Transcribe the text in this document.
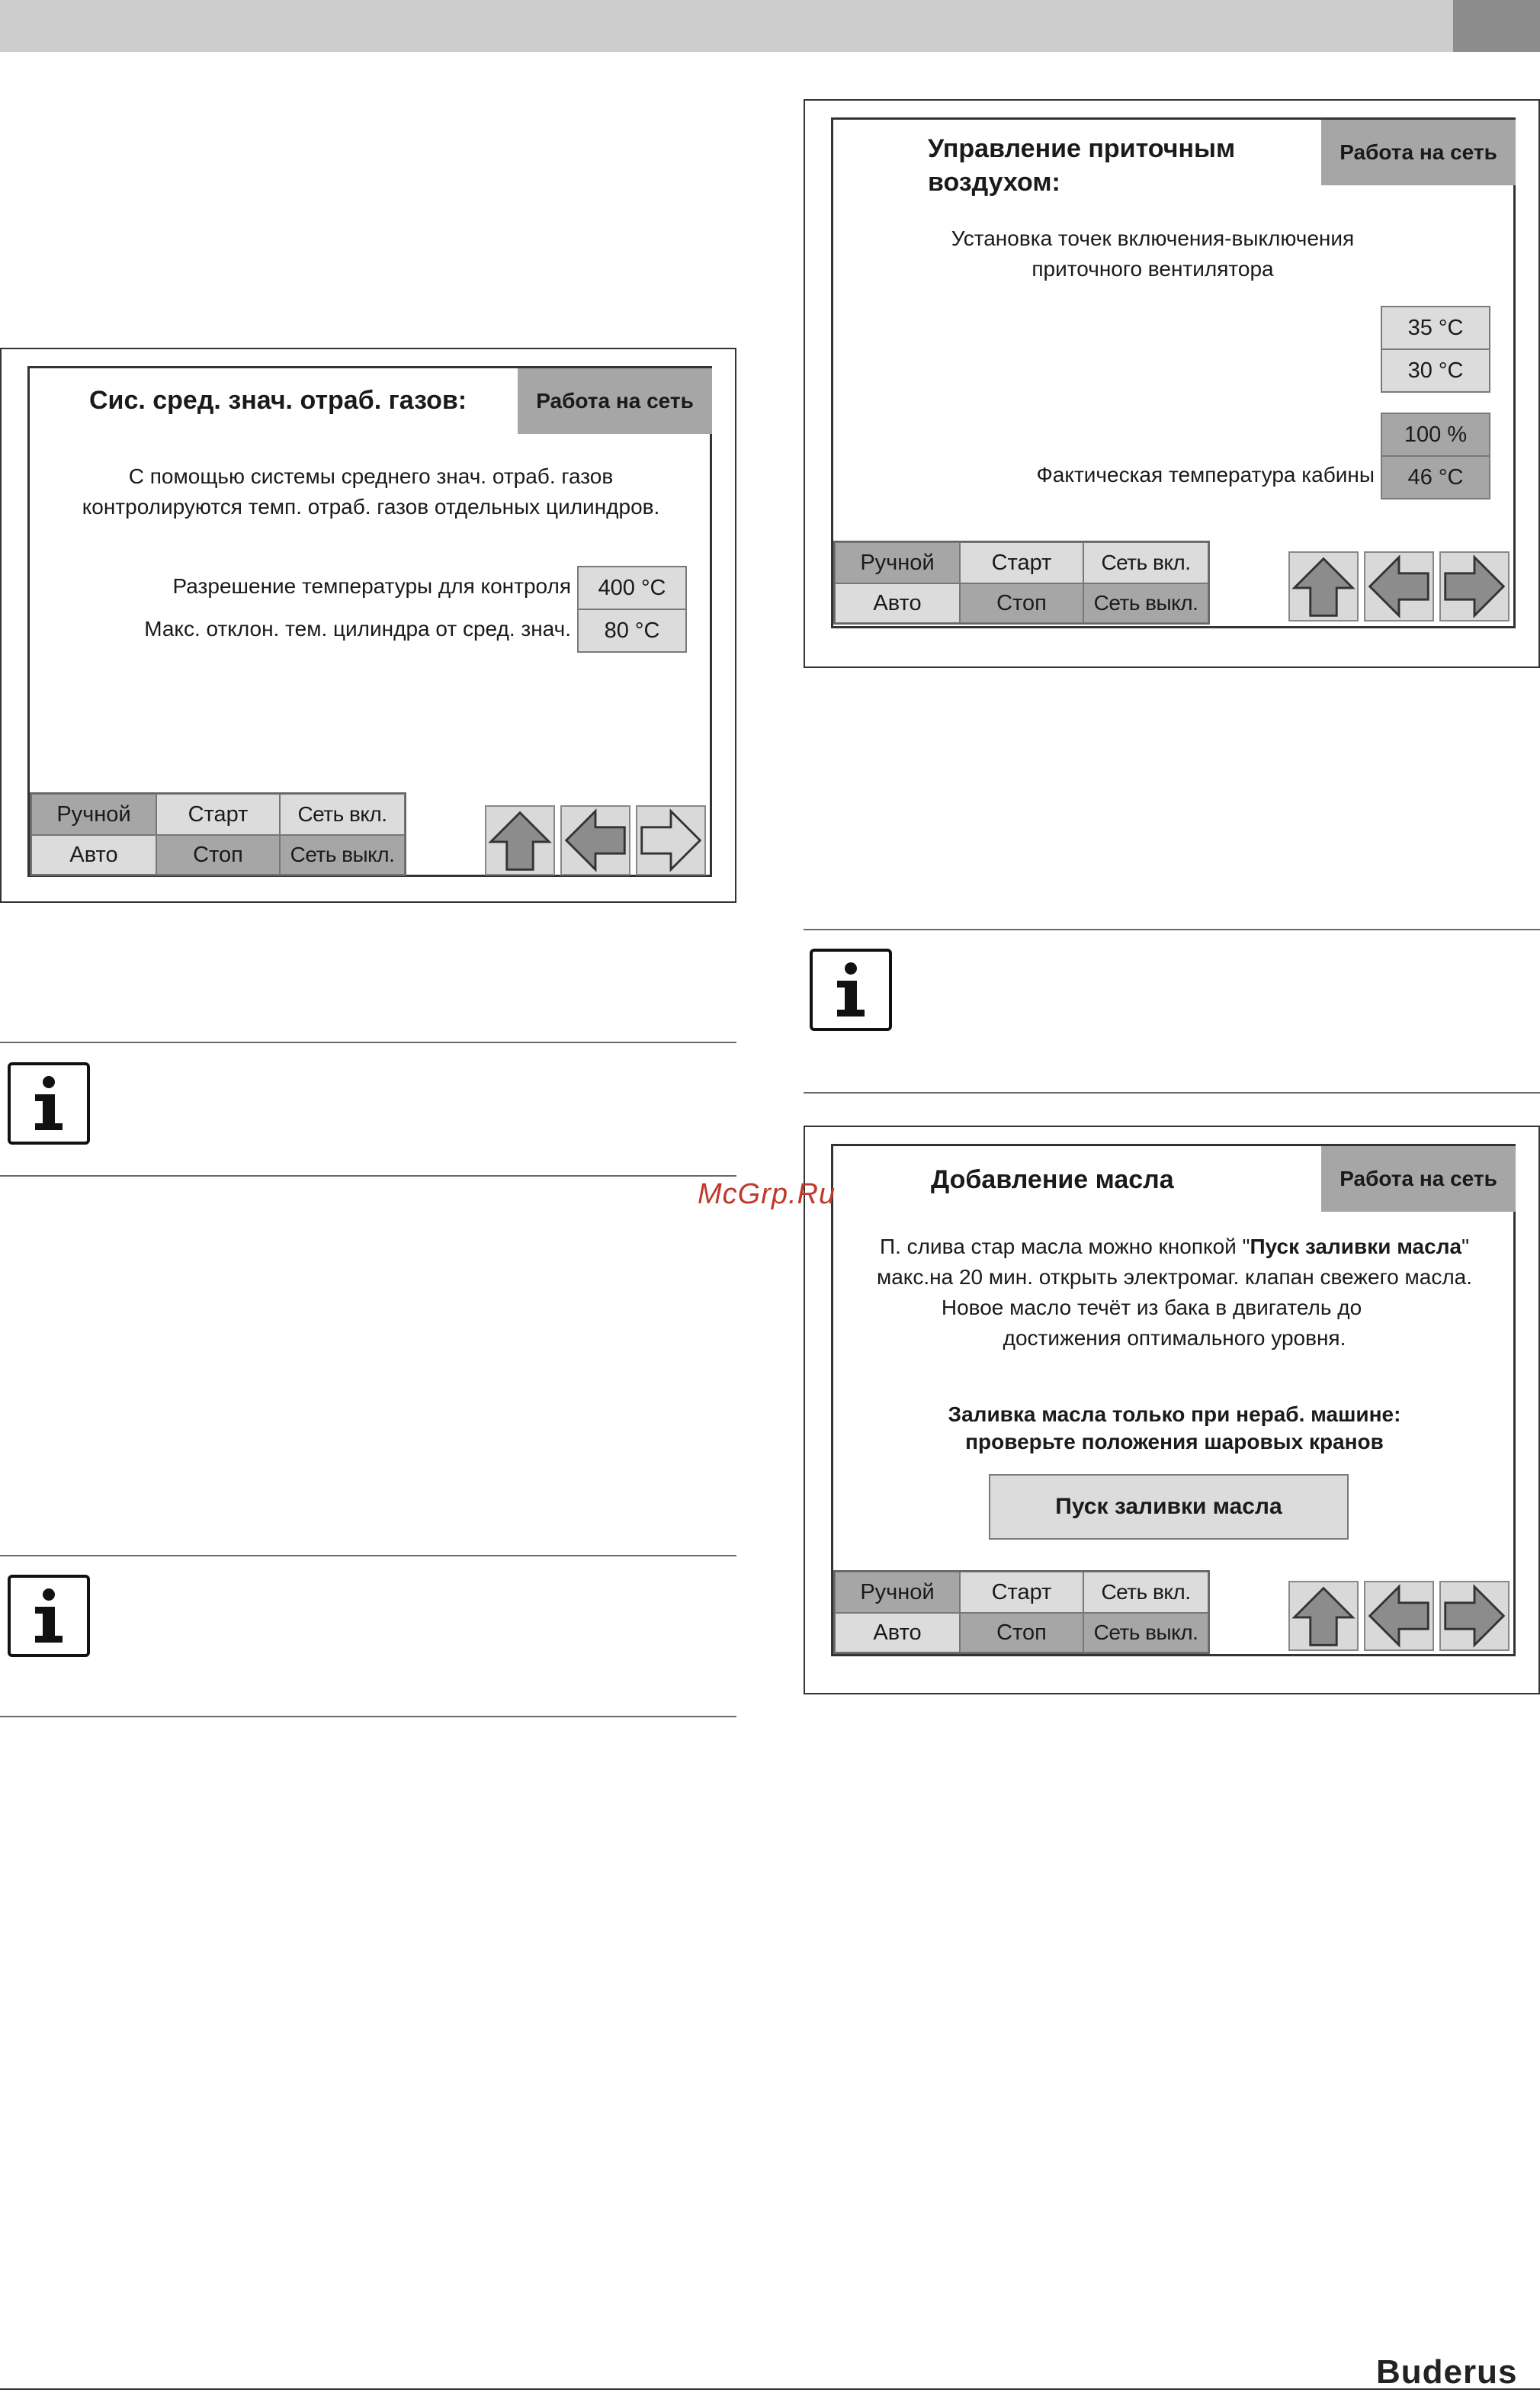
Сис. сред. знач. отраб. газов:	Работа на сеть
С помощью системы среднего знач. отраб. газов
контролируются темп. отраб. газов отдельных цилиндров.
Разрешение температуры для контроля	400 °C
Макс. отклон. тем. цилиндра от сред. знач.	80 °C
Ручной	Старт	Сеть вкл.
Авто	Стоп	Сеть выкл.
Управление приточным
воздухом:
Работа на сеть
Установка точек включения-выключения
приточного вентилятора
35 °C
30 °C
100 %
Фактическая температура кабины	46 °C
Ручной	Старт	Сеть вкл.
Авто	Стоп	Сеть выкл.
Добавление масла	Работа на сеть
П. слива стар масла можно кнопкой "Пуск заливки масла"
макс.на 20 мин. открыть электромаг. клапан свежего масла.
Новое масло течёт из бака в двигатель до
достижения оптимального уровня.
Заливка масла только при нераб. машине:
проверьте положения шаровых кранов
Пуск заливки масла
Ручной	Старт	Сеть вкл.
Авто	Стоп	Сеть выкл.
McGrp.Ru
Buderus
